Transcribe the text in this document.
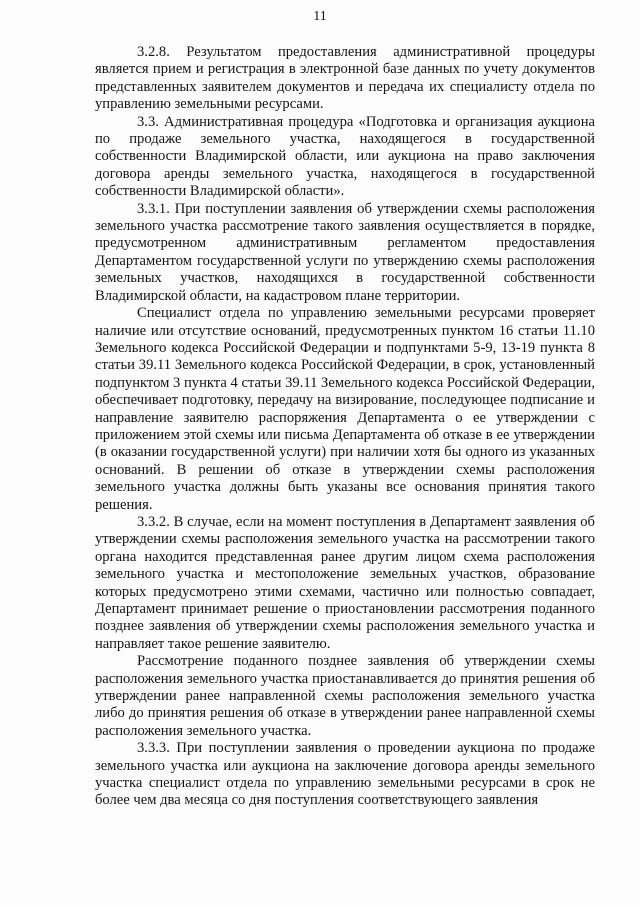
11

3.2.8. Результатом предоставления административной процедуры является прием и регистрация в электронной базе данных по учету документов представленных заявителем документов и передача их специалисту отдела по управлению земельными ресурсами.

3.3. Административная процедура «Подготовка и организация аукциона по продаже земельного участка, находящегося в государственной собственности Владимирской области, или аукциона на право заключения договора аренды земельного участка, находящегося в государственной собственности Владимирской области».

3.3.1. При поступлении заявления об утверждении схемы расположения земельного участка рассмотрение такого заявления осуществляется в порядке, предусмотренном административным регламентом предоставления Департаментом государственной услуги по утверждению схемы расположения земельных участков, находящихся в государственной собственности Владимирской области, на кадастровом плане территории.

Специалист отдела по управлению земельными ресурсами проверяет наличие или отсутствие оснований, предусмотренных пунктом 16 статьи 11.10 Земельного кодекса Российской Федерации и подпунктами 5-9, 13-19 пункта 8 статьи 39.11 Земельного кодекса Российской Федерации, в срок, установленный подпунктом 3 пункта 4 статьи 39.11 Земельного кодекса Российской Федерации, обеспечивает подготовку, передачу на визирование, последующее подписание и направление заявителю распоряжения Департамента о ее утверждении с приложением этой схемы или письма Департамента об отказе в ее утверждении (в оказании государственной услуги) при наличии хотя бы одного из указанных оснований. В решении об отказе в утверждении схемы расположения земельного участка должны быть указаны все основания принятия такого решения.

3.3.2. В случае, если на момент поступления в Департамент заявления об утверждении схемы расположения земельного участка на рассмотрении такого органа находится представленная ранее другим лицом схема расположения земельного участка и местоположение земельных участков, образование которых предусмотрено этими схемами, частично или полностью совпадает, Департамент принимает решение о приостановлении рассмотрения поданного позднее заявления об утверждении схемы расположения земельного участка и направляет такое решение заявителю.

Рассмотрение поданного позднее заявления об утверждении схемы расположения земельного участка приостанавливается до принятия решения об утверждении ранее направленной схемы расположения земельного участка либо до принятия решения об отказе в утверждении ранее направленной схемы расположения земельного участка.

3.3.3. При поступлении заявления о проведении аукциона по продаже земельного участка или аукциона на заключение договора аренды земельного участка специалист отдела по управлению земельными ресурсами в срок не более чем два месяца со дня поступления соответствующего заявления
